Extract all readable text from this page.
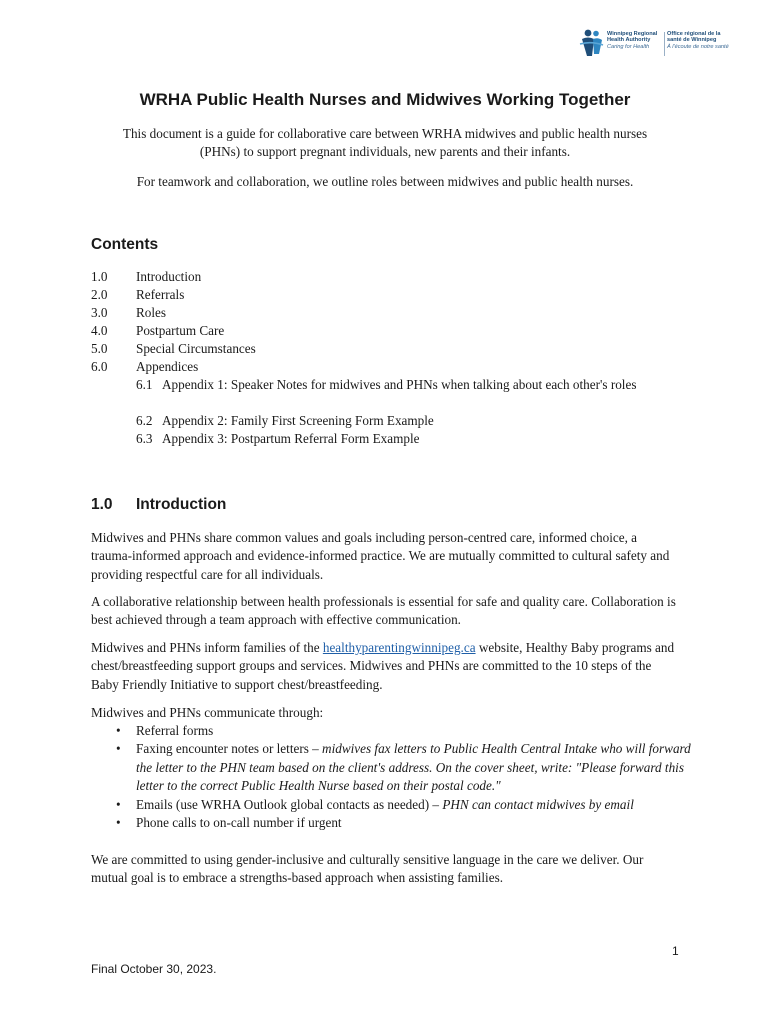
Winnipeg Regional
Health Authority
Caring for Health
Office régional de la
santé de Winnipeg
À l'écoute de notre santé
WRHA Public Health Nurses and Midwives Working Together
This document is a guide for collaborative care between WRHA midwives and public health nurses
(PHNs) to support pregnant individuals, new parents and their infants.
For teamwork and collaboration, we outline roles between midwives and public health nurses.
Contents
1.0 Introduction
2.0 Referrals
3.0 Roles
4.0 Postpartum Care
5.0 Special Circumstances
6.0 Appendices
6.1 Appendix 1: Speaker Notes for midwives and PHNs when talking about each other's roles
6.2 Appendix 2: Family First Screening Form Example
6.3 Appendix 3: Postpartum Referral Form Example
1.0 Introduction
Midwives and PHNs share common values and goals including person-centred care, informed choice, a trauma-informed approach and evidence-informed practice. We are mutually committed to cultural safety and providing respectful care for all individuals.
A collaborative relationship between health professionals is essential for safe and quality care. Collaboration is best achieved through a team approach with effective communication.
Midwives and PHNs inform families of the healthyparentingwinnipeg.ca website, Healthy Baby programs and chest/breastfeeding support groups and services. Midwives and PHNs are committed to the 10 steps of the Baby Friendly Initiative to support chest/breastfeeding.
Midwives and PHNs communicate through:
• Referral forms
• Faxing encounter notes or letters – midwives fax letters to Public Health Central Intake who will forward the letter to the PHN team based on the client's address. On the cover sheet, write: "Please forward this letter to the correct Public Health Nurse based on their postal code."
• Emails (use WRHA Outlook global contacts as needed) – PHN can contact midwives by email
• Phone calls to on-call number if urgent
We are committed to using gender-inclusive and culturally sensitive language in the care we deliver. Our mutual goal is to embrace a strengths-based approach when assisting families.
1
Final October 30, 2023.
